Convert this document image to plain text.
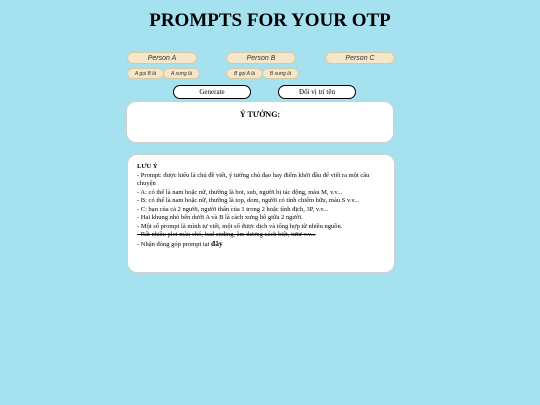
PROMPTS FOR YOUR OTP
Person A
Person B
Person C
A gọi B là
A xưng là
B gọi A là
B xưng là
Generate	Đổi vị trí tên
Ý TƯỞNG:
LƯU Ý
- Prompt: được hiểu là chủ đề viết, ý tưởng chủ đạo hay điểm khởi đầu để viết ra một câu chuyện
- A: có thể là nam hoặc nữ, thường là bot, sub, người bị tác động, màu M, v.v...
- B: có thể là nam hoặc nữ, thường là top, dom, người có tính chiếm hữu, màu S v.v...
- C: bạn của cả 2 người, người thân của 1 trong 2 hoặc tình địch, 3P, v.v...
- Hai khung nhỏ bên dưới A và B là cách xưng hô giữa 2 người.
- Một số prompt là mình tự viết, một số được dịch và tổng hợp từ nhiều nguồn.
- Rất nhiều plot màu chó, bad ending, âm dương cách biệt, tưtư v.v...
- Nhận đóng góp prompt tại đây
